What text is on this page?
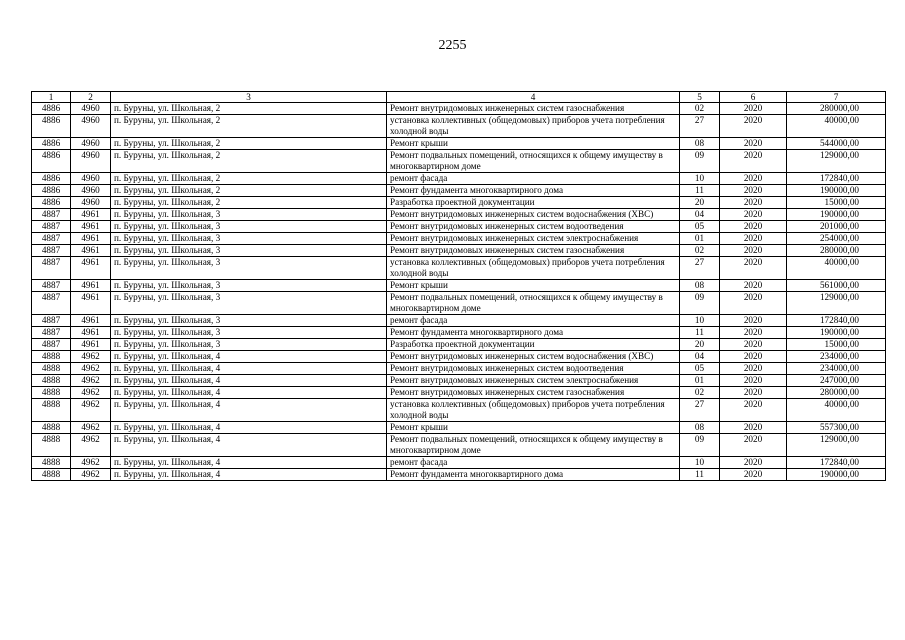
2255
1	2	3	4	5	6	7
4886	4960	п. Буруны, ул. Школьная, 2	Ремонт внутридомовых инженерных систем газоснабжения	02	2020	280000,00
4886	4960	п. Буруны, ул. Школьная, 2	установка коллективных (общедомовых) приборов учета потребления холодной воды	27	2020	40000,00
4886	4960	п. Буруны, ул. Школьная, 2	Ремонт крыши	08	2020	544000,00
4886	4960	п. Буруны, ул. Школьная, 2	Ремонт подвальных помещений, относящихся к общему имуществу в многоквартирном доме	09	2020	129000,00
4886	4960	п. Буруны, ул. Школьная, 2	ремонт фасада	10	2020	172840,00
4886	4960	п. Буруны, ул. Школьная, 2	Ремонт фундамента многоквартирного дома	11	2020	190000,00
4886	4960	п. Буруны, ул. Школьная, 2	Разработка проектной документации	20	2020	15000,00
4887	4961	п. Буруны, ул. Школьная, 3	Ремонт внутридомовых инженерных систем водоснабжения (ХВС)	04	2020	190000,00
4887	4961	п. Буруны, ул. Школьная, 3	Ремонт внутридомовых инженерных систем водоотведения	05	2020	201000,00
4887	4961	п. Буруны, ул. Школьная, 3	Ремонт внутридомовых инженерных систем электроснабжения	01	2020	254000,00
4887	4961	п. Буруны, ул. Школьная, 3	Ремонт внутридомовых инженерных систем газоснабжения	02	2020	280000,00
4887	4961	п. Буруны, ул. Школьная, 3	установка коллективных (общедомовых) приборов учета потребления холодной воды	27	2020	40000,00
4887	4961	п. Буруны, ул. Школьная, 3	Ремонт крыши	08	2020	561000,00
4887	4961	п. Буруны, ул. Школьная, 3	Ремонт подвальных помещений, относящихся к общему имуществу в многоквартирном доме	09	2020	129000,00
4887	4961	п. Буруны, ул. Школьная, 3	ремонт фасада	10	2020	172840,00
4887	4961	п. Буруны, ул. Школьная, 3	Ремонт фундамента многоквартирного дома	11	2020	190000,00
4887	4961	п. Буруны, ул. Школьная, 3	Разработка проектной документации	20	2020	15000,00
4888	4962	п. Буруны, ул. Школьная, 4	Ремонт внутридомовых инженерных систем водоснабжения (ХВС)	04	2020	234000,00
4888	4962	п. Буруны, ул. Школьная, 4	Ремонт внутридомовых инженерных систем водоотведения	05	2020	234000,00
4888	4962	п. Буруны, ул. Школьная, 4	Ремонт внутридомовых инженерных систем электроснабжения	01	2020	247000,00
4888	4962	п. Буруны, ул. Школьная, 4	Ремонт внутридомовых инженерных систем газоснабжения	02	2020	280000,00
4888	4962	п. Буруны, ул. Школьная, 4	установка коллективных (общедомовых) приборов учета потребления холодной воды	27	2020	40000,00
4888	4962	п. Буруны, ул. Школьная, 4	Ремонт крыши	08	2020	557300,00
4888	4962	п. Буруны, ул. Школьная, 4	Ремонт подвальных помещений, относящихся к общему имуществу в многоквартирном доме	09	2020	129000,00
4888	4962	п. Буруны, ул. Школьная, 4	ремонт фасада	10	2020	172840,00
4888	4962	п. Буруны, ул. Школьная, 4	Ремонт фундамента многоквартирного дома	11	2020	190000,00
